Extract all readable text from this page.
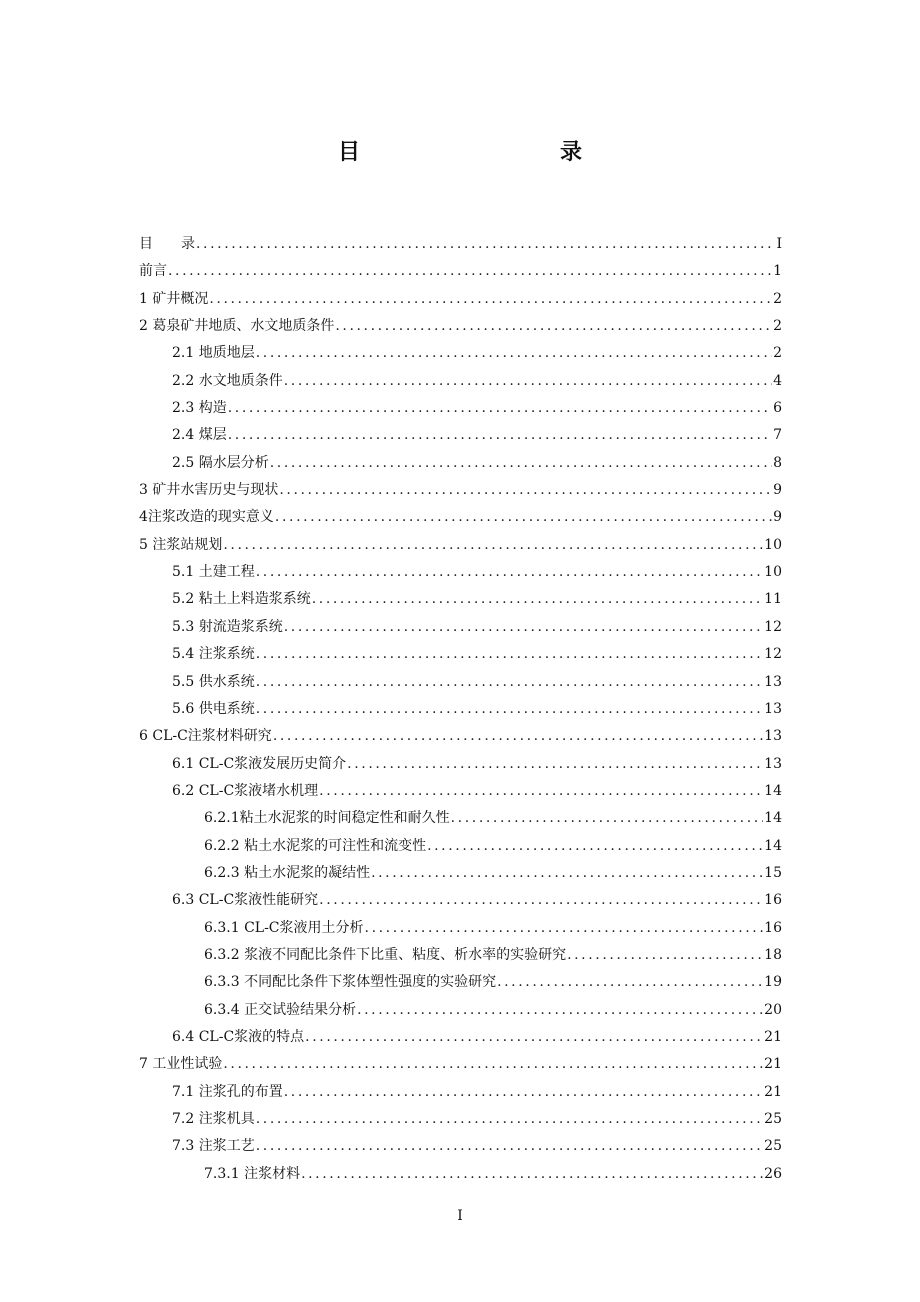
目　　录
目　　录 .....	I
前言 .....	1
1 矿井概况 .....	2
2 葛泉矿井地质、水文地质条件 .....	2
2.1 地质地层 .....	2
2.2 水文地质条件 .....	4
2.3 构造 .....	6
2.4 煤层 .....	7
2.5 隔水层分析 .....	8
3 矿井水害历史与现状 .....	9
4注浆改造的现实意义 .....	9
5 注浆站规划 .....	10
5.1 土建工程 .....	10
5.2 粘土上料造浆系统 .....	11
5.3 射流造浆系统 .....	12
5.4 注浆系统 .....	12
5.5 供水系统 .....	13
5.6 供电系统 .....	13
6 CL-C注浆材料研究 .....	13
6.1 CL-C浆液发展历史简介 .....	13
6.2 CL-C浆液堵水机理 .....	14
6.2.1粘土水泥浆的时间稳定性和耐久性 .....	14
6.2.2 粘土水泥浆的可注性和流变性 .....	14
6.2.3 粘土水泥浆的凝结性 .....	15
6.3 CL-C浆液性能研究 .....	16
6.3.1 CL-C浆液用土分析 .....	16
6.3.2 浆液不同配比条件下比重、粘度、析水率的实验研究 .....	18
6.3.3 不同配比条件下浆体塑性强度的实验研究 .....	19
6.3.4 正交试验结果分析 .....	20
6.4 CL-C浆液的特点 .....	21
7 工业性试验 .....	21
7.1 注浆孔的布置 .....	21
7.2 注浆机具 .....	25
7.3 注浆工艺 .....	25
7.3.1 注浆材料 .....	26
I
